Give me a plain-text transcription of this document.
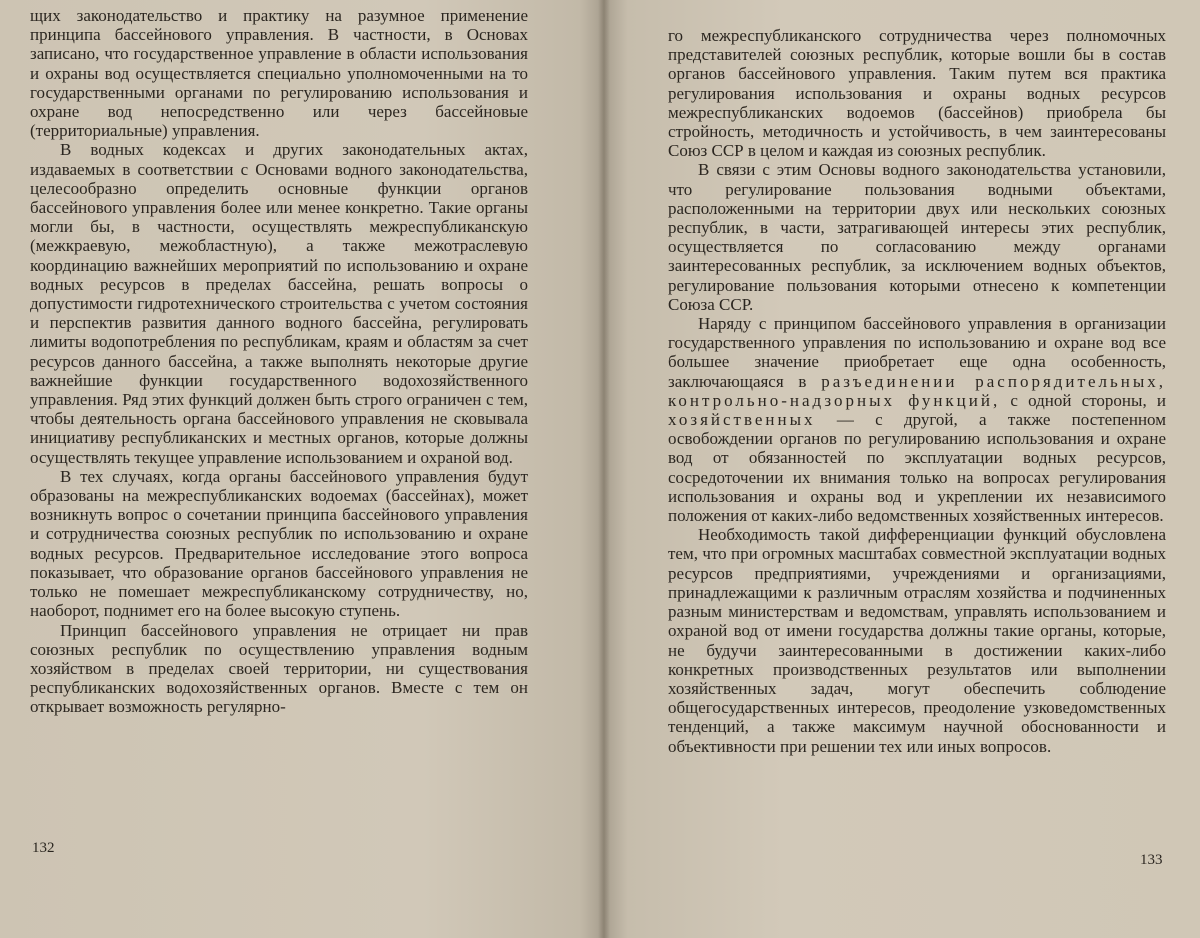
щих законодательство и практику на разумное применение принципа бассейнового управления. В частности, в Основах записано, что государственное управление в области использования и охраны вод осуществляется специально уполномоченными на то государственными органами по регулированию использования и охране вод непосредственно или через бассейновые (территориальные) управления.

В водных кодексах и других законодательных актах, издаваемых в соответствии с Основами водного законодательства, целесообразно определить основные функции органов бассейнового управления более или менее конкретно. Такие органы могли бы, в частности, осуществлять межреспубликанскую (межкраевую, межобластную), а также межотраслевую координацию важнейших мероприятий по использованию и охране водных ресурсов в пределах бассейна, решать вопросы о допустимости гидротехнического строительства с учетом состояния и перспектив развития данного водного бассейна, регулировать лимиты водопотребления по республикам, краям и областям за счет ресурсов данного бассейна, а также выполнять некоторые другие важнейшие функции государственного водохозяйственного управления. Ряд этих функций должен быть строго ограничен с тем, чтобы деятельность органа бассейнового управления не сковывала инициативу республиканских и местных органов, которые должны осуществлять текущее управление использованием и охраной вод.

В тех случаях, когда органы бассейнового управления будут образованы на межреспубликанских водоемах (бассейнах), может возникнуть вопрос о сочетании принципа бассейнового управления и сотрудничества союзных республик по использованию и охране водных ресурсов. Предварительное исследование этого вопроса показывает, что образование органов бассейнового управления не только не помешает межреспубликанскому сотрудничеству, но, наоборот, поднимет его на более высокую ступень.

Принцип бассейнового управления не отрицает ни прав союзных республик по осуществлению управления водным хозяйством в пределах своей территории, ни существования республиканских водохозяйственных органов. Вместе с тем он открывает возможность регулярно-

132

го межреспубликанского сотрудничества через полномочных представителей союзных республик, которые вошли бы в состав органов бассейнового управления. Таким путем вся практика регулирования использования и охраны водных ресурсов межреспубликанских водоемов (бассейнов) приобрела бы стройность, методичность и устойчивость, в чем заинтересованы Союз ССР в целом и каждая из союзных республик.

В связи с этим Основы водного законодательства установили, что регулирование пользования водными объектами, расположенными на территории двух или нескольких союзных республик, в части, затрагивающей интересы этих республик, осуществляется по согласованию между органами заинтересованных республик, за исключением водных объектов, регулирование пользования которыми отнесено к компетенции Союза ССР.

Наряду с принципом бассейнового управления в организации государственного управления по использованию и охране вод все большее значение приобретает еще одна особенность, заключающаяся в разъединении распорядительных, контрольно-надзорных функций, с одной стороны, и хозяйственных — с другой, а также постепенном освобождении органов по регулированию использования и охране вод от обязанностей по эксплуатации водных ресурсов, сосредоточении их внимания только на вопросах регулирования использования и охраны вод и укреплении их независимого положения от каких-либо ведомственных хозяйственных интересов.

Необходимость такой дифференциации функций обусловлена тем, что при огромных масштабах совместной эксплуатации водных ресурсов предприятиями, учреждениями и организациями, принадлежащими к различным отраслям хозяйства и подчиненных разным министерствам и ведомствам, управлять использованием и охраной вод от имени государства должны такие органы, которые, не будучи заинтересованными в достижении каких-либо конкретных производственных результатов или выполнении хозяйственных задач, могут обеспечить соблюдение общегосударственных интересов, преодоление узковедомственных тенденций, а также максимум научной обоснованности и объективности при решении тех или иных вопросов.

133
